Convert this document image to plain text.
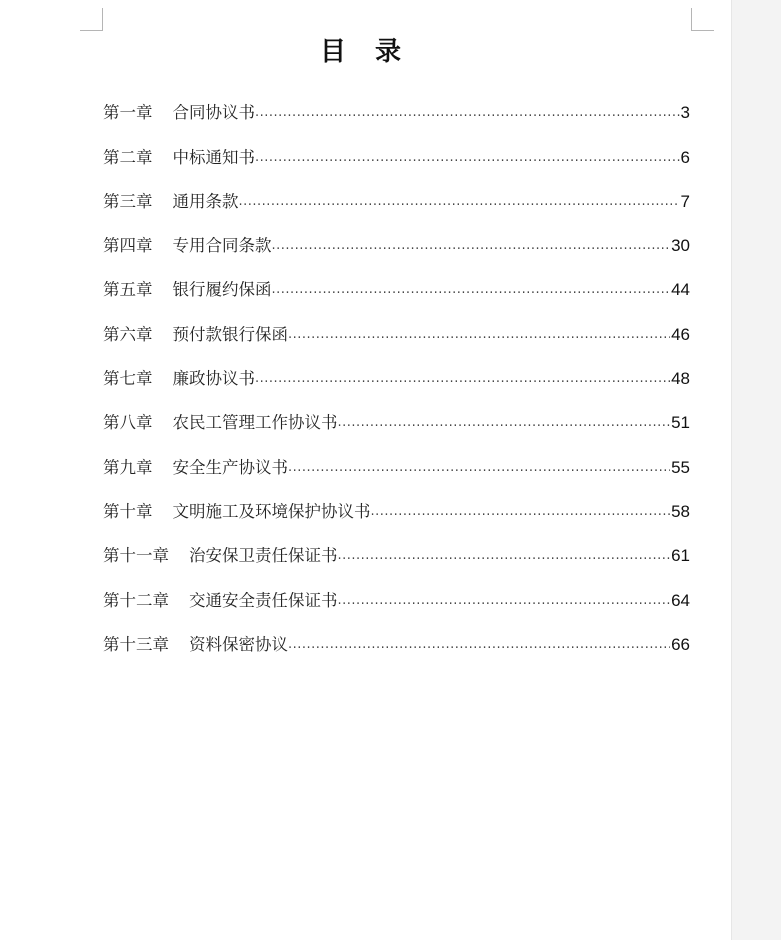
目 录
第一章 合同协议书 .....	3
第二章 中标通知书 .....	6
第三章 通用条款 .....	7
第四章 专用合同条款 .....	30
第五章 银行履约保函 .....	44
第六章 预付款银行保函 .....	46
第七章 廉政协议书 .....	48
第八章 农民工管理工作协议书 .....	51
第九章 安全生产协议书 .....	55
第十章 文明施工及环境保护协议书 .....	58
第十一章 治安保卫责任保证书 .....	61
第十二章 交通安全责任保证书 .....	64
第十三章 资料保密协议 .....	66
